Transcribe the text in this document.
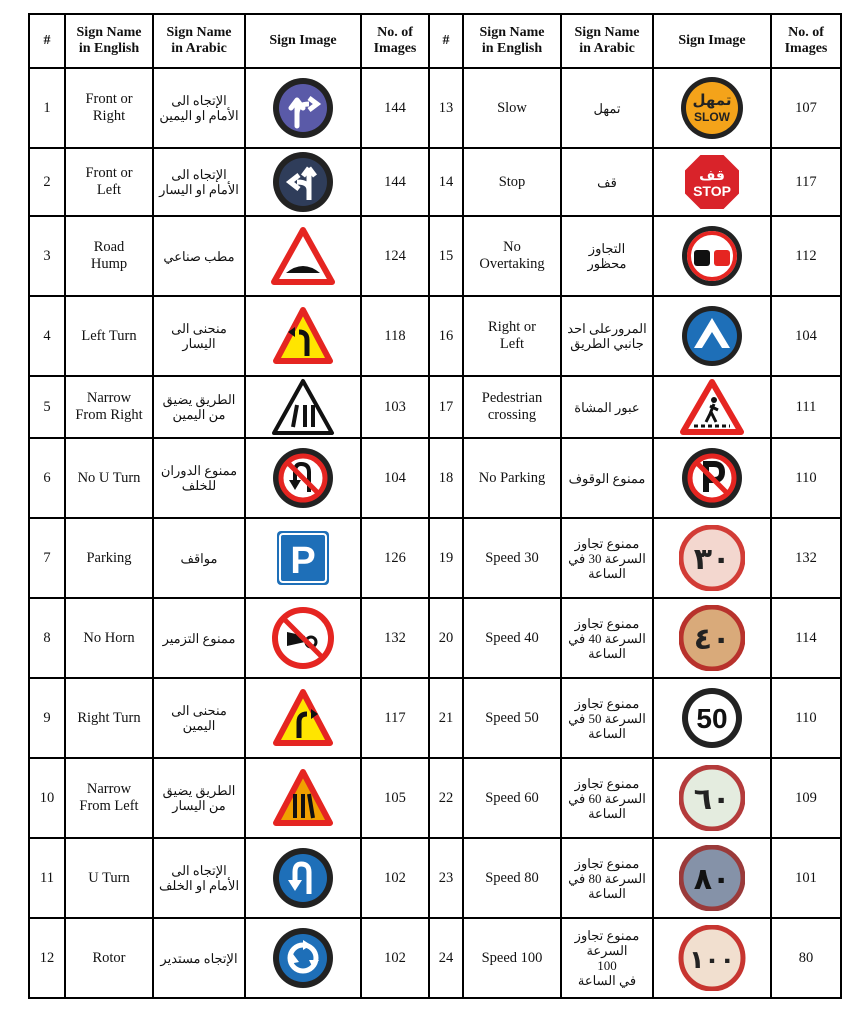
#	Sign Name
in English	Sign Name
in Arabic	Sign Image	No. of
Images	#	Sign Name
in English	Sign Name
in Arabic	Sign Image	No. of
Images

1	Front or
Right	الإتجاه الى
الأمام او اليمين		144	13	Slow	تمهل	تمهل
SLOW	107
2	Front or
Left	الإتجاه الى
الأمام او اليسار		144	14	Stop	قف	قف
STOP	117
3	Road
Hump	مطب صناعي		124	15	No
Overtaking	التجاوز
محظور		112
4	Left Turn	منحنى الى
اليسار		118	16	Right or
Left	المرورعلى احد
جانبي الطريق		104
5	Narrow
From Right	الطريق يضيق
من اليمين		103	17	Pedestrian
crossing	عبور المشاة		111
6	No U Turn	ممنوع الدوران
للخلف		104	18	No Parking	ممنوع الوقوف		110
7	Parking	مواقف	P	126	19	Speed 30	ممنوع تجاوز
السرعة 30 في
الساعة	٣٠	132
8	No Horn	ممنوع التزمير		132	20	Speed 40	ممنوع تجاوز
السرعة 40 في
الساعة	٤٠	114
9	Right Turn	منحنى الى
اليمين		117	21	Speed 50	ممنوع تجاوز
السرعة 50 في
الساعة	50	110
10	Narrow
From Left	الطريق يضيق
من اليسار		105	22	Speed 60	ممنوع تجاوز
السرعة 60 في
الساعة	٦٠	109
11	U Turn	الإتجاه الى
الأمام او الخلف		102	23	Speed 80	ممنوع تجاوز
السرعة 80 في
الساعة	٨٠	101
12	Rotor	الإتجاه مستدير		102	24	Speed 100	ممنوع تجاوز
السرعة
100
في الساعة	١٠٠	80
